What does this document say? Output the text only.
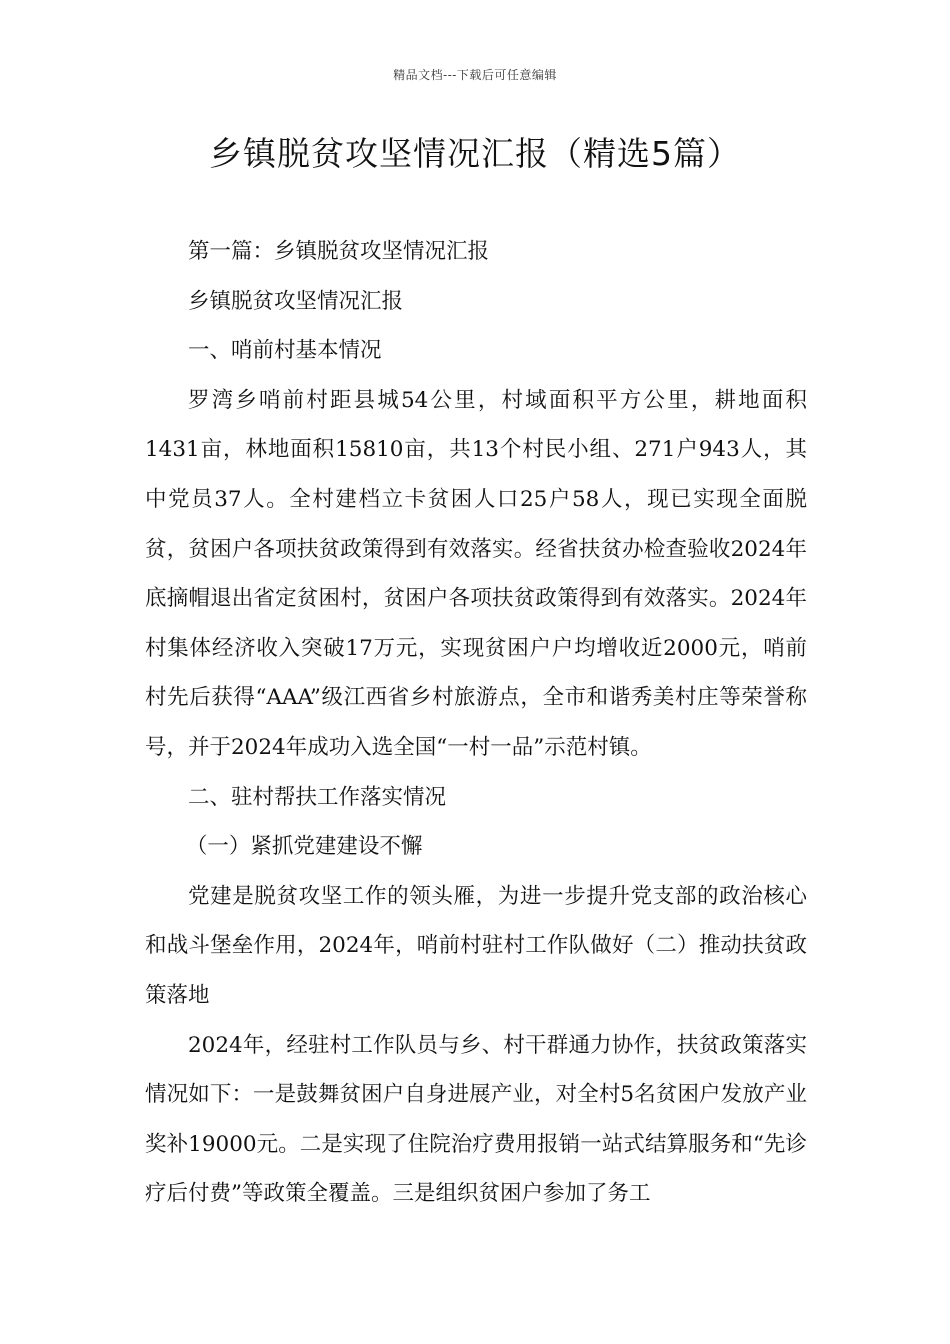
精品文档---下载后可任意编辑
乡镇脱贫攻坚情况汇报（精选5篇）

第一篇：乡镇脱贫攻坚情况汇报

乡镇脱贫攻坚情况汇报

一、哨前村基本情况

罗湾乡哨前村距县城54公里，村域面积平方公里，耕地面积1431亩，林地面积15810亩，共13个村民小组、271户943人，其中党员37人。全村建档立卡贫困人口25户58人，现已实现全面脱贫，贫困户各项扶贫政策得到有效落实。经省扶贫办检查验收2024年底摘帽退出省定贫困村，贫困户各项扶贫政策得到有效落实。2024年村集体经济收入突破17万元，实现贫困户户均增收近2000元，哨前村先后获得“AAA”级江西省乡村旅游点，全市和谐秀美村庄等荣誉称号，并于2024年成功入选全国“一村一品”示范村镇。

二、驻村帮扶工作落实情况

（一）紧抓党建建设不懈

党建是脱贫攻坚工作的领头雁，为进一步提升党支部的政治核心和战斗堡垒作用，2024年，哨前村驻村工作队做好（二）推动扶贫政策落地

2024年，经驻村工作队员与乡、村干群通力协作，扶贫政策落实情况如下：一是鼓舞贫困户自身进展产业，对全村5名贫困户发放产业奖补19000元。二是实现了住院治疗费用报销一站式结算服务和“先诊疗后付费”等政策全覆盖。三是组织贫困户参加了务工
